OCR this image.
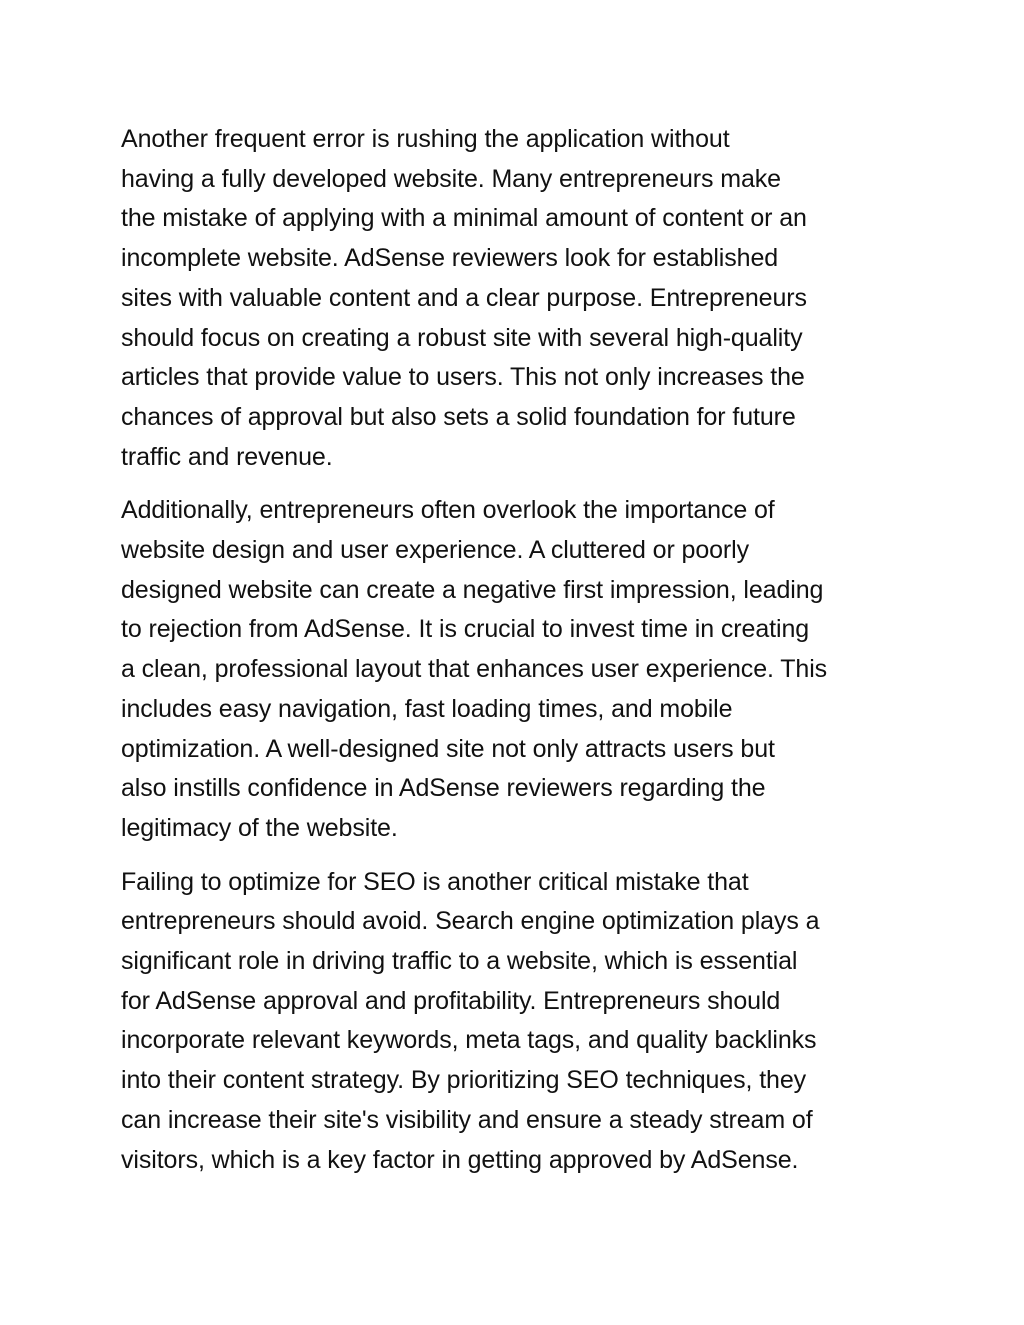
Another frequent error is rushing the application without
having a fully developed website. Many entrepreneurs make
the mistake of applying with a minimal amount of content or an
incomplete website. AdSense reviewers look for established
sites with valuable content and a clear purpose. Entrepreneurs
should focus on creating a robust site with several high-quality
articles that provide value to users. This not only increases the
chances of approval but also sets a solid foundation for future
traffic and revenue.

Additionally, entrepreneurs often overlook the importance of
website design and user experience. A cluttered or poorly
designed website can create a negative first impression, leading
to rejection from AdSense. It is crucial to invest time in creating
a clean, professional layout that enhances user experience. This
includes easy navigation, fast loading times, and mobile
optimization. A well-designed site not only attracts users but
also instills confidence in AdSense reviewers regarding the
legitimacy of the website.

Failing to optimize for SEO is another critical mistake that
entrepreneurs should avoid. Search engine optimization plays a
significant role in driving traffic to a website, which is essential
for AdSense approval and profitability. Entrepreneurs should
incorporate relevant keywords, meta tags, and quality backlinks
into their content strategy. By prioritizing SEO techniques, they
can increase their site's visibility and ensure a steady stream of
visitors, which is a key factor in getting approved by AdSense.
